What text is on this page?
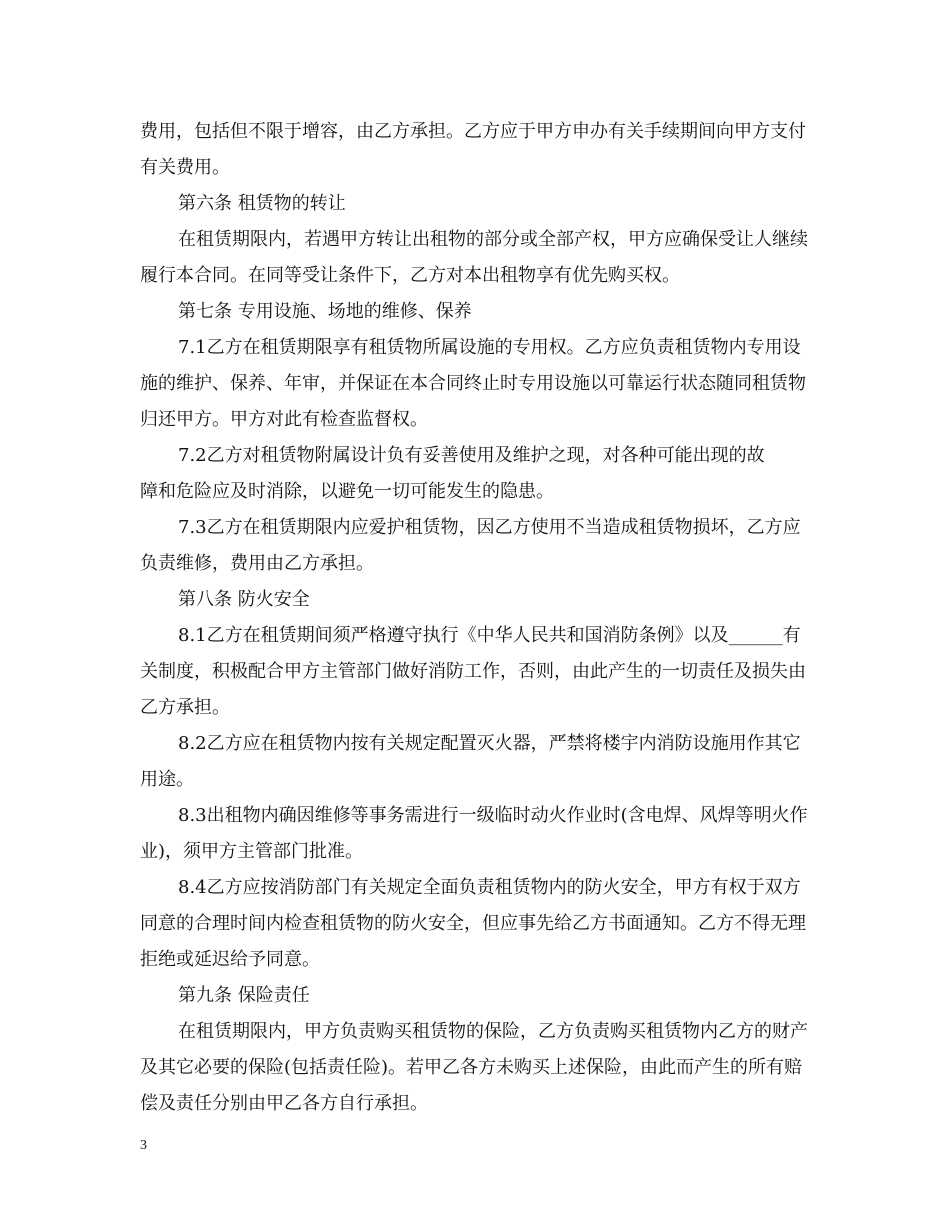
费用，包括但不限于增容，由乙方承担。乙方应于甲方申办有关手续期间向甲方支付有关费用。

第六条 租赁物的转让

在租赁期限内，若遇甲方转让出租物的部分或全部产权，甲方应确保受让人继续履行本合同。在同等受让条件下，乙方对本出租物享有优先购买权。

第七条 专用设施、场地的维修、保养

7.1乙方在租赁期限享有租赁物所属设施的专用权。乙方应负责租赁物内专用设施的维护、保养、年审，并保证在本合同终止时专用设施以可靠运行状态随同租赁物归还甲方。甲方对此有检查监督权。

7.2乙方对租赁物附属设计负有妥善使用及维护之现，对各种可能出现的故障和危险应及时消除，以避免一切可能发生的隐患。

7.3乙方在租赁期限内应爱护租赁物，因乙方使用不当造成租赁物损坏，乙方应负责维修，费用由乙方承担。

第八条 防火安全

8.1乙方在租赁期间须严格遵守执行《中华人民共和国消防条例》以及______有关制度，积极配合甲方主管部门做好消防工作，否则，由此产生的一切责任及损失由乙方承担。

8.2乙方应在租赁物内按有关规定配置灭火器，严禁将楼宇内消防设施用作其它用途。

8.3出租物内确因维修等事务需进行一级临时动火作业时(含电焊、风焊等明火作业)，须甲方主管部门批准。

8.4乙方应按消防部门有关规定全面负责租赁物内的防火安全，甲方有权于双方同意的合理时间内检查租赁物的防火安全，但应事先给乙方书面通知。乙方不得无理拒绝或延迟给予同意。

第九条 保险责任

在租赁期限内，甲方负责购买租赁物的保险，乙方负责购买租赁物内乙方的财产及其它必要的保险(包括责任险)。若甲乙各方未购买上述保险，由此而产生的所有赔偿及责任分别由甲乙各方自行承担。

3
